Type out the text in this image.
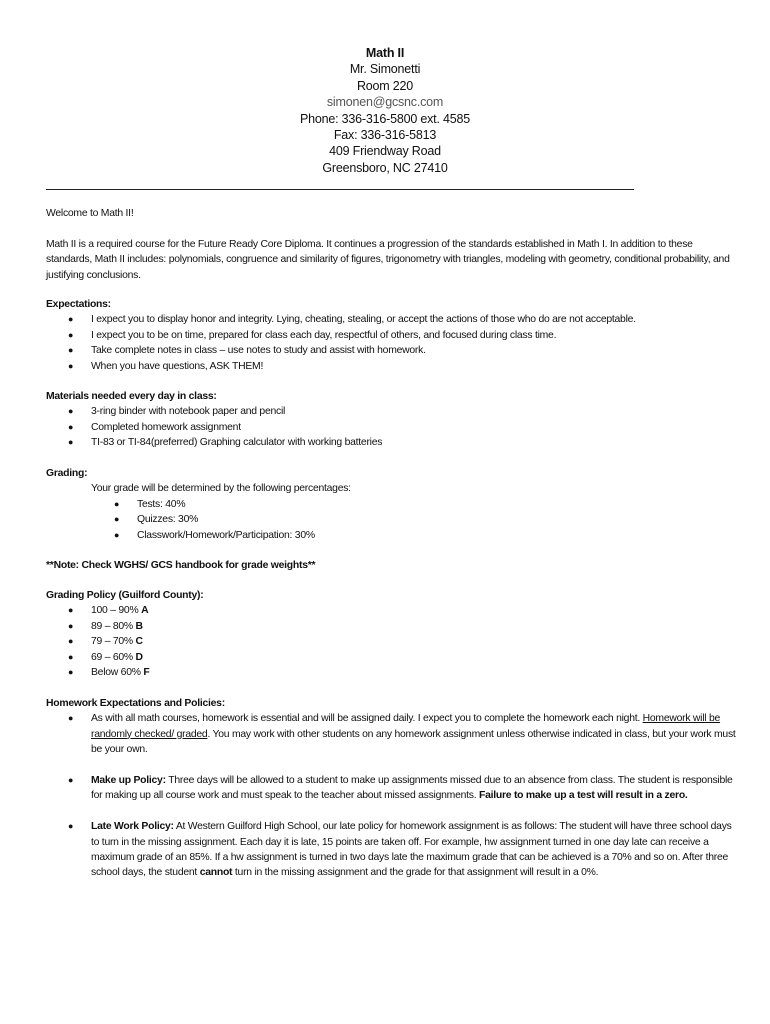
Math II
Mr. Simonetti
Room 220
simonen@gcsnc.com
Phone: 336-316-5800 ext. 4585
Fax: 336-316-5813
409 Friendway Road
Greensboro, NC 27410

Welcome to Math II!

Math II is a required course for the Future Ready Core Diploma. It continues a progression of the standards established in Math I. In addition to these standards, Math II includes: polynomials, congruence and similarity of figures, trigonometry with triangles, modeling with geometry, conditional probability, and justifying conclusions.

Expectations:

● I expect you to display honor and integrity. Lying, cheating, stealing, or accept the actions of those who do are not acceptable.
● I expect you to be on time, prepared for class each day, respectful of others, and focused during class time.
● Take complete notes in class – use notes to study and assist with homework.
● When you have questions, ASK THEM!

Materials needed every day in class:

● 3-ring binder with notebook paper and pencil
● Completed homework assignment
● TI-83 or TI-84(preferred) Graphing calculator with working batteries

Grading:

Your grade will be determined by the following percentages:

● Tests: 40%
● Quizzes: 30%
● Classwork/Homework/Participation: 30%

**Note: Check WGHS/ GCS handbook for grade weights**

Grading Policy (Guilford County):

● 100 – 90% A
● 89 – 80% B
● 79 – 70% C
● 69 – 60% D
● Below 60% F

Homework Expectations and Policies:

● As with all math courses, homework is essential and will be assigned daily. I expect you to complete the homework each night. Homework will be randomly checked/ graded. You may work with other students on any homework assignment unless otherwise indicated in class, but your work must be your own.
● Make up Policy: Three days will be allowed to a student to make up assignments missed due to an absence from class. The student is responsible for making up all course work and must speak to the teacher about missed assignments. Failure to make up a test will result in a zero.
● Late Work Policy: At Western Guilford High School, our late policy for homework assignment is as follows: The student will have three school days to turn in the missing assignment. Each day it is late, 15 points are taken off. For example, hw assignment turned in one day late can receive a maximum grade of an 85%. If a hw assignment is turned in two days late the maximum grade that can be achieved is a 70% and so on. After three school days, the student cannot turn in the missing assignment and the grade for that assignment will result in a 0%.
